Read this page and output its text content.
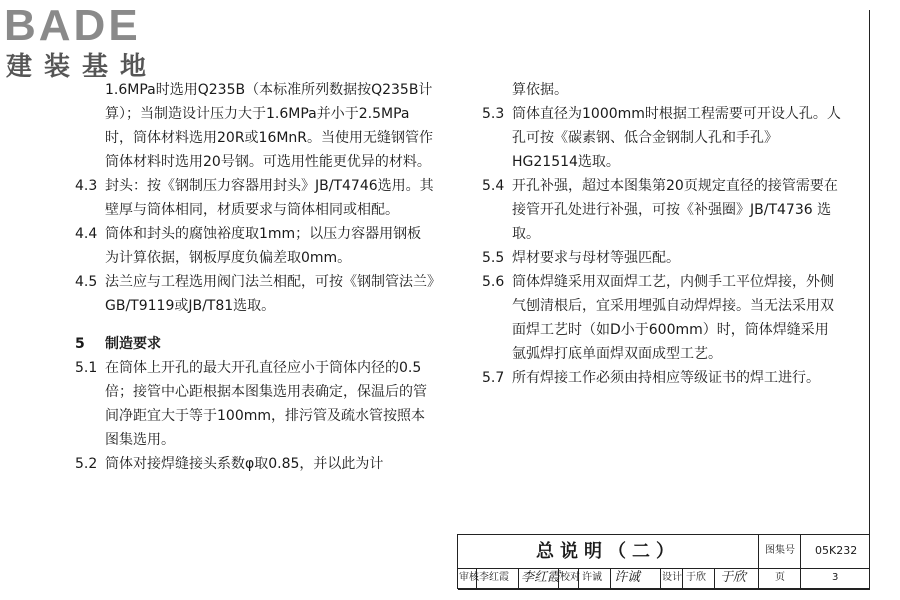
BADE
建装基地
1.6MPa时选用Q235B（本标准所列数据按Q235B计算）；当制造设计压力大于1.6MPa并小于2.5MPa时，筒体材料选用20R或16MnR。当使用无缝钢管作筒体材料时选用20号钢。可选用性能更优异的材料。
4.3 封头：按《钢制压力容器用封头》JB/T4746选用。其壁厚与筒体相同，材质要求与筒体相同或相配。
4.4 筒体和封头的腐蚀裕度取1mm；以压力容器用钢板为计算依据，钢板厚度负偏差取0mm。
4.5 法兰应与工程选用阀门法兰相配，可按《钢制管法兰》GB/T9119或JB/T81选取。
5	制造要求
5.1 在筒体上开孔的最大开孔直径应小于筒体内径的0.5倍；接管中心距根据本图集选用表确定，保温后的管间净距宜大于等于100mm，排污管及疏水管按照本图集选用。
5.2 筒体对接焊缝接头系数φ取0.85，并以此为计
算依据。
5.3 筒体直径为1000mm时根据工程需要可开设人孔。人孔可按《碳素钢、低合金钢制人孔和手孔》HG21514选取。
5.4 开孔补强，超过本图集第20页规定直径的接管需要在接管开孔处进行补强，可按《补强圈》JB/T4736 选取。
5.5 焊材要求与母材等强匹配。
5.6 筒体焊缝采用双面焊工艺，内侧手工平位焊接，外侧气刨清根后，宜采用埋弧自动焊焊接。当无法采用双面焊工艺时（如D小于600mm）时，筒体焊缝采用氩弧焊打底单面焊双面成型工艺。
5.7 所有焊接工作必须由持相应等级证书的焊工进行。
总说明（二）	图集号 05K232
审核 李红霞 李红霞 校对 许诚 许诚 设计 于欣 于欣	页	3
